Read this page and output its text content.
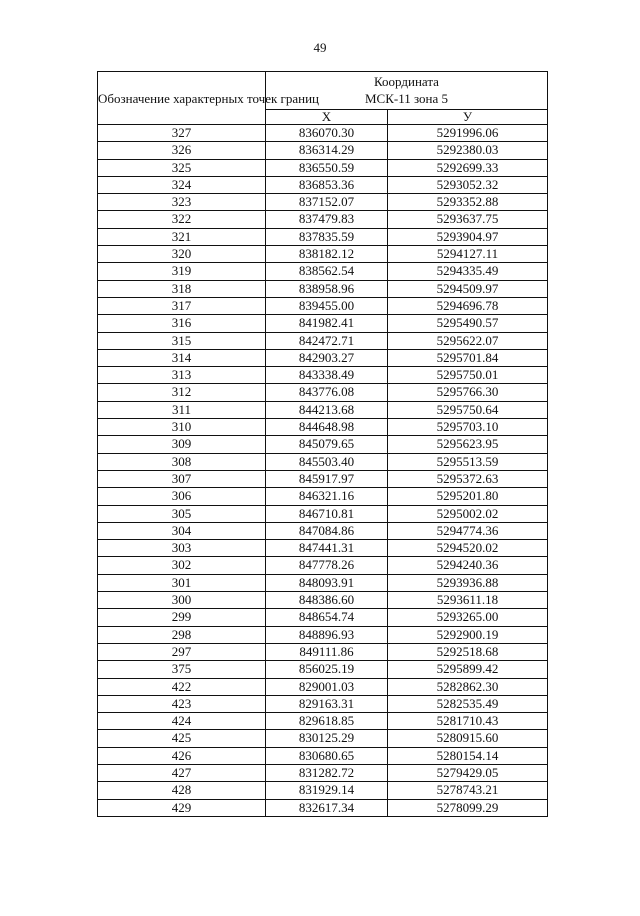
49
Обозначение характерных точек границ	Координата
МСК-11 зона 5	

	X	У
327	836070.30	5291996.06
326	836314.29	5292380.03
325	836550.59	5292699.33
324	836853.36	5293052.32
323	837152.07	5293352.88
322	837479.83	5293637.75
321	837835.59	5293904.97
320	838182.12	5294127.11
319	838562.54	5294335.49
318	838958.96	5294509.97
317	839455.00	5294696.78
316	841982.41	5295490.57
315	842472.71	5295622.07
314	842903.27	5295701.84
313	843338.49	5295750.01
312	843776.08	5295766.30
311	844213.68	5295750.64
310	844648.98	5295703.10
309	845079.65	5295623.95
308	845503.40	5295513.59
307	845917.97	5295372.63
306	846321.16	5295201.80
305	846710.81	5295002.02
304	847084.86	5294774.36
303	847441.31	5294520.02
302	847778.26	5294240.36
301	848093.91	5293936.88
300	848386.60	5293611.18
299	848654.74	5293265.00
298	848896.93	5292900.19
297	849111.86	5292518.68
375	856025.19	5295899.42
422	829001.03	5282862.30
423	829163.31	5282535.49
424	829618.85	5281710.43
425	830125.29	5280915.60
426	830680.65	5280154.14
427	831282.72	5279429.05
428	831929.14	5278743.21
429	832617.34	5278099.29
